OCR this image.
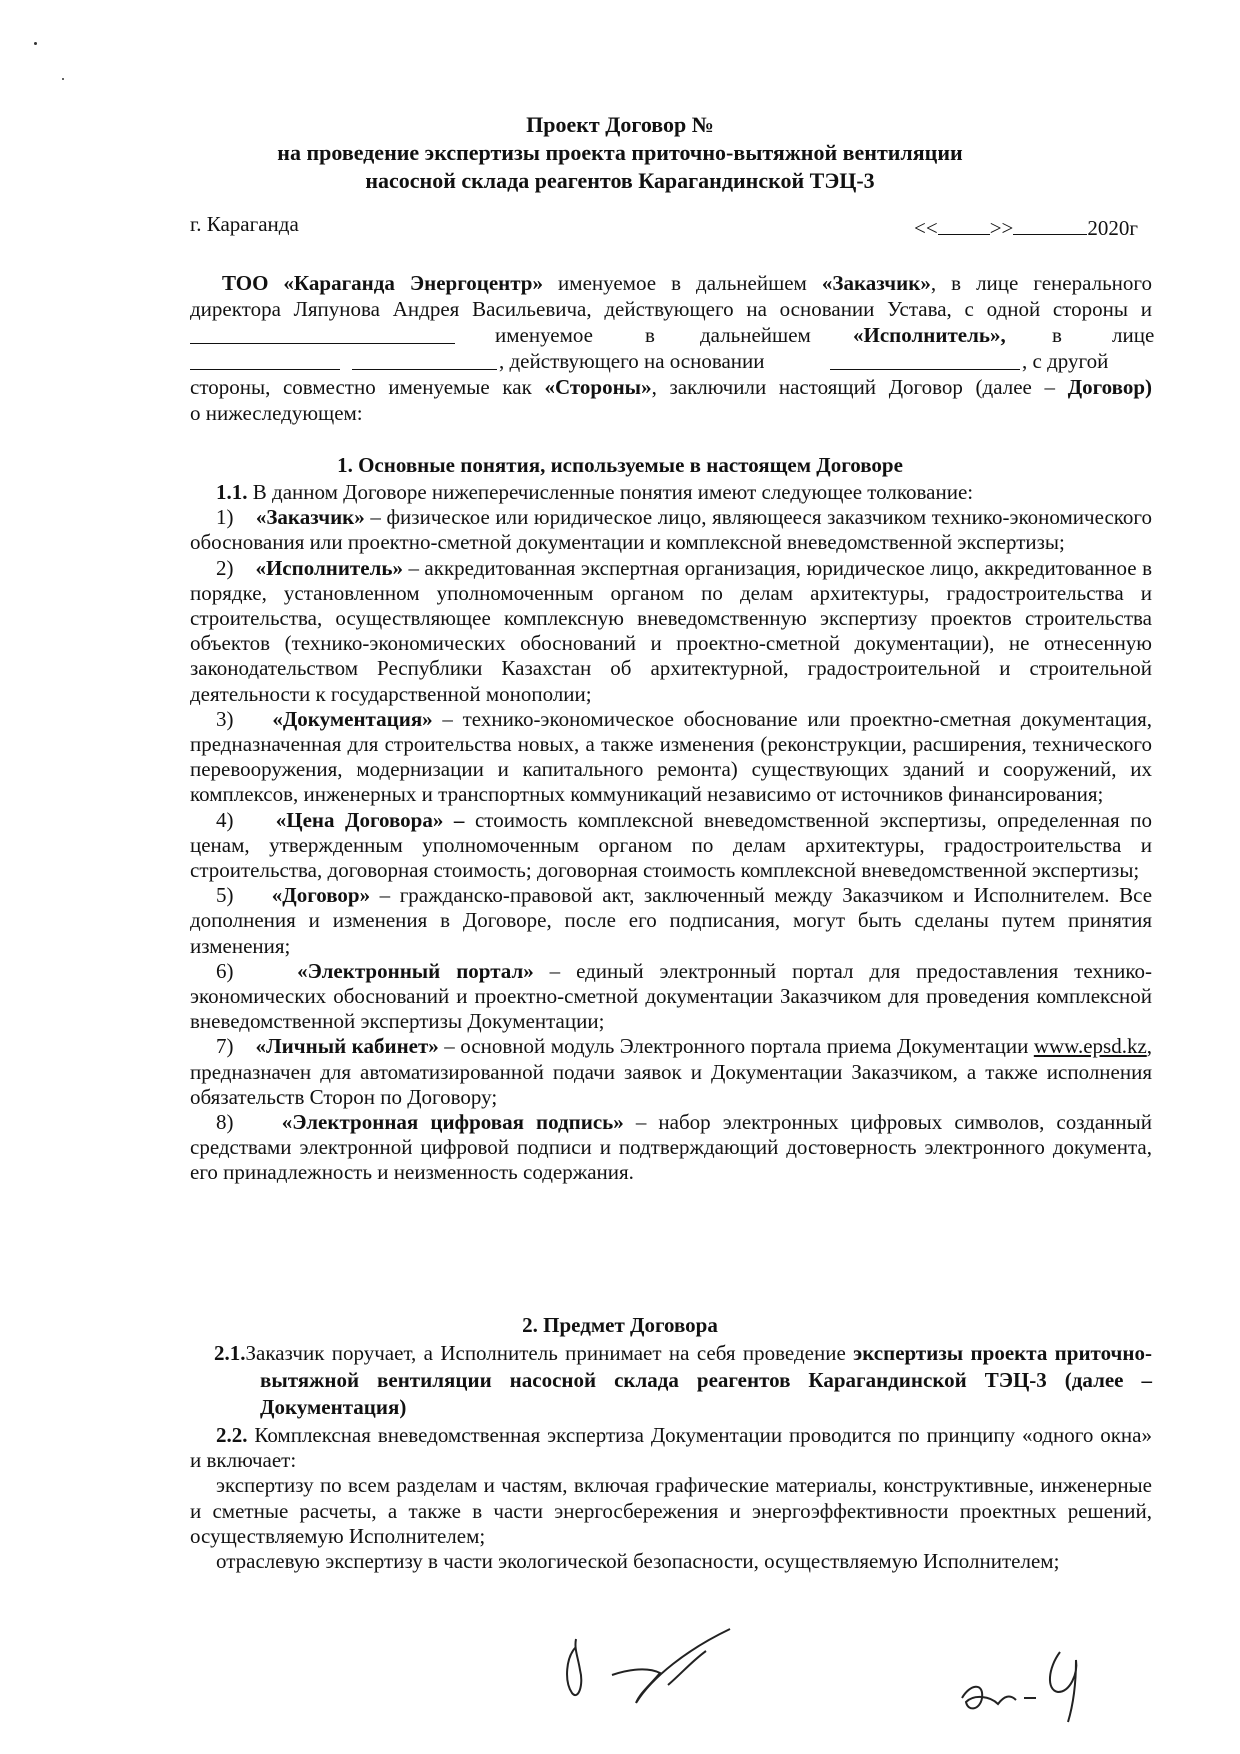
Проект Договор №
на проведение экспертизы проекта приточно-вытяжной вентиляции
насосной склада реагентов Карагандинской ТЭЦ-3
г. Караганда	<< >>	2020г
ТОО «Караганда Энергоцентр» именуемое в дальнейшем «Заказчик», в лице генерального
директора Ляпунова Андрея Васильевича, действующего на основании Устава, с одной стороны и
именуемое в дальнейшем «Исполнитель», в лице
, действующего на основании	, с другой
стороны, совместно именуемые как «Стороны», заключили настоящий Договор (далее – Договор)
о нижеследующем:
1. Основные понятия, используемые в настоящем Договоре

1.1. В данном Договоре нижеперечисленные понятия имеют следующее толкование:

1) «Заказчик» – физическое или юридическое лицо, являющееся заказчиком технико-экономического обоснования или проектно-сметной документации и комплексной вневедомственной экспертизы;

2) «Исполнитель» – аккредитованная экспертная организация, юридическое лицо, аккредитованное в порядке, установленном уполномоченным органом по делам архитектуры, градостроительства и строительства, осуществляющее комплексную вневедомственную экспертизу проектов строительства объектов (технико-экономических обоснований и проектно-сметной документации), не отнесенную законодательством Республики Казахстан об архитектурной, градостроительной и строительной деятельности к государственной монополии;

3) «Документация» – технико-экономическое обоснование или проектно-сметная документация, предназначенная для строительства новых, а также изменения (реконструкции, расширения, технического перевооружения, модернизации и капитального ремонта) существующих зданий и сооружений, их комплексов, инженерных и транспортных коммуникаций независимо от источников финансирования;

4) «Цена Договора» – стоимость комплексной вневедомственной экспертизы, определенная по ценам, утвержденным уполномоченным органом по делам архитектуры, градостроительства и строительства, договорная стоимость; договорная стоимость комплексной вневедомственной экспертизы;

5) «Договор» – гражданско-правовой акт, заключенный между Заказчиком и Исполнителем. Все дополнения и изменения в Договоре, после его подписания, могут быть сделаны путем принятия изменения;

6)	«Электронный портал» – единый электронный портал для предоставления технико-экономических обоснований и проектно-сметной документации Заказчиком для проведения комплексной вневедомственной экспертизы Документации;

7) «Личный кабинет» – основной модуль Электронного портала приема Документации www.epsd.kz, предназначен для автоматизированной подачи заявок и Документации Заказчиком, а также исполнения обязательств Сторон по Договору;

8) «Электронная цифровая подпись» – набор электронных цифровых символов, созданный средствами электронной цифровой подписи и подтверждающий достоверность электронного документа, его принадлежность и неизменность содержания.

2. Предмет Договора

2.1.Заказчик поручает, а Исполнитель принимает на себя проведение экспертизы проекта приточно-вытяжной вентиляции насосной склада реагентов Карагандинской ТЭЦ-3 (далее – Документация)

2.2. Комплексная вневедомственная экспертиза Документации проводится по принципу «одного окна» и включает:

экспертизу по всем разделам и частям, включая графические материалы, конструктивные, инженерные и сметные расчеты, а также в части энергосбережения и энергоэффективности проектных решений, осуществляемую Исполнителем;

отраслевую экспертизу в части экологической безопасности, осуществляемую Исполнителем;
